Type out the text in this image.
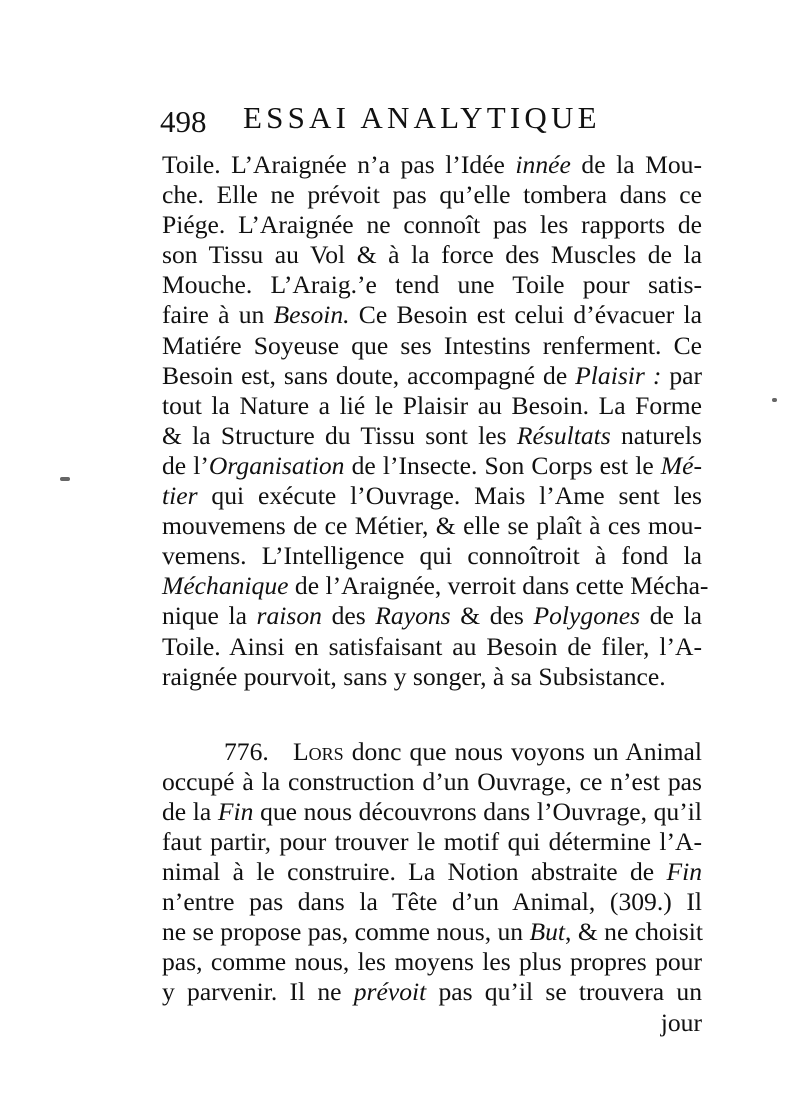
498 ESSAI ANALYTIQUE
Toile. L’Araignée n’a pas l’Idée innée de la Mou-
che. Elle ne prévoit pas qu’elle tombera dans ce
Piége. L’Araignée ne connoît pas les rapports de
son Tissu au Vol & à la force des Muscles de la
Mouche. L’Araig.’e tend une Toile pour satis-
faire à un Besoin. Ce Besoin est celui d’évacuer la
Matiére Soyeuse que ses Intestins renferment. Ce
Besoin est, sans doute, accompagné de Plaisir : par
tout la Nature a lié le Plaisir au Besoin. La Forme
& la Structure du Tissu sont les Résultats naturels
de l’Organisation de l’Insecte. Son Corps est le Mé-
tier qui exécute l’Ouvrage. Mais l’Ame sent les
mouvemens de ce Métier, & elle se plaît à ces mou-
vemens. L’Intelligence qui connoîtroit à fond la
Méchanique de l’Araignée, verroit dans cette Mécha-
nique la raison des Rayons & des Polygones de la
Toile. Ainsi en satisfaisant au Besoin de filer, l’A-
raignée pourvoit, sans y songer, à sa Subsistance.
776. Lors donc que nous voyons un Animal
occupé à la construction d’un Ouvrage, ce n’est pas
de la Fin que nous découvrons dans l’Ouvrage, qu’il
faut partir, pour trouver le motif qui détermine l’A-
nimal à le construire. La Notion abstraite de Fin
n’entre pas dans la Tête d’un Animal, (309.) Il
ne se propose pas, comme nous, un But, & ne choisit
pas, comme nous, les moyens les plus propres pour
y parvenir. Il ne prévoit pas qu’il se trouvera un
jour
